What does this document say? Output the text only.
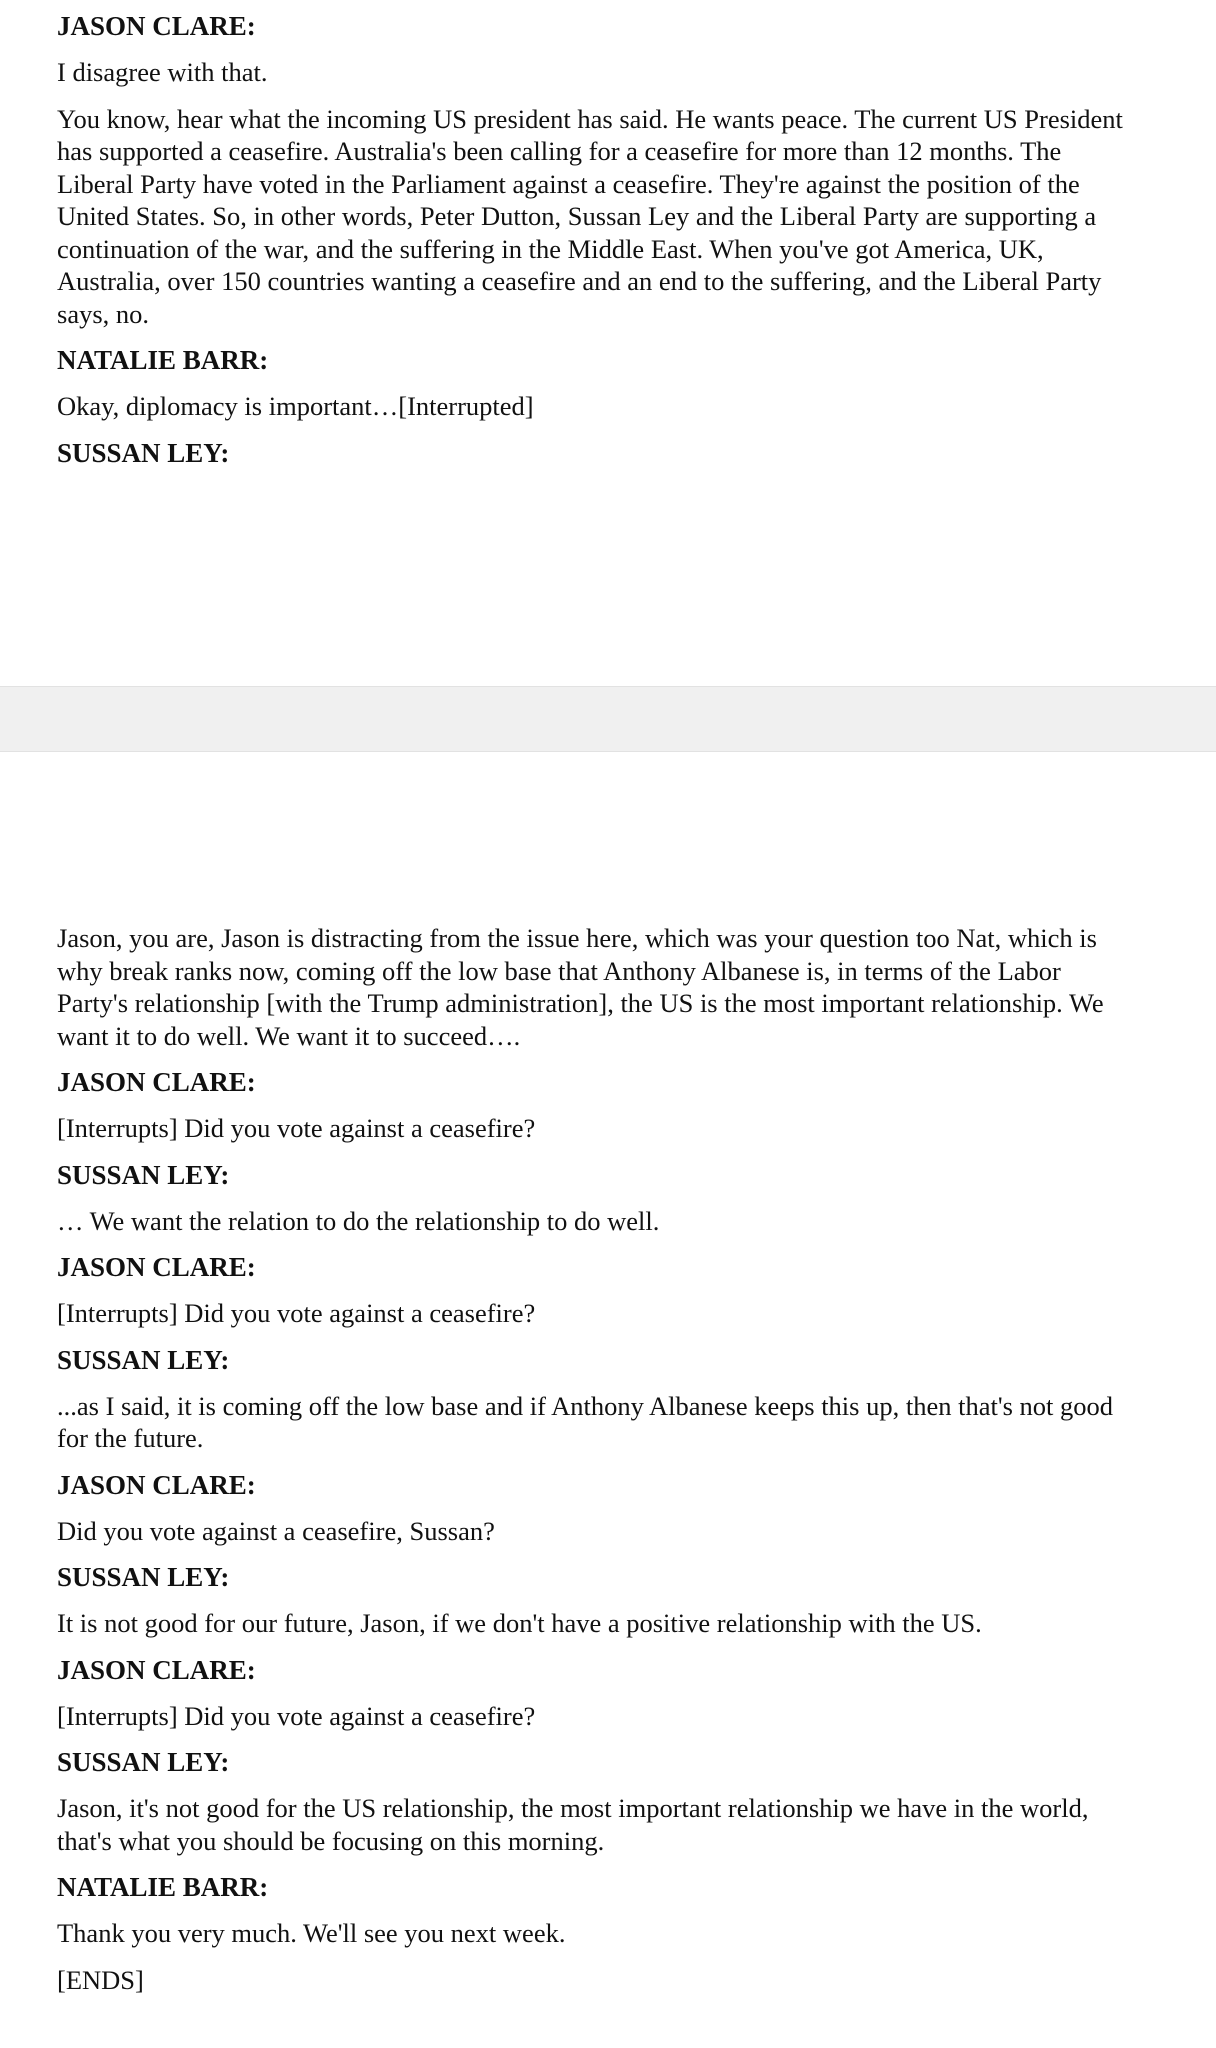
JASON CLARE:
I disagree with that.
You know, hear what the incoming US president has said. He wants peace. The current US President has supported a ceasefire. Australia's been calling for a ceasefire for more than 12 months. The Liberal Party have voted in the Parliament against a ceasefire. They're against the position of the United States. So, in other words, Peter Dutton, Sussan Ley and the Liberal Party are supporting a continuation of the war, and the suffering in the Middle East. When you've got America, UK, Australia, over 150 countries wanting a ceasefire and an end to the suffering, and the Liberal Party says, no.
NATALIE BARR:
Okay, diplomacy is important…[Interrupted]
SUSSAN LEY:
Jason, you are, Jason is distracting from the issue here, which was your question too Nat, which is why break ranks now, coming off the low base that Anthony Albanese is, in terms of the Labor Party's relationship [with the Trump administration], the US is the most important relationship. We want it to do well. We want it to succeed….
JASON CLARE:
[Interrupts] Did you vote against a ceasefire?
SUSSAN LEY:
… We want the relation to do the relationship to do well.
JASON CLARE:
[Interrupts] Did you vote against a ceasefire?
SUSSAN LEY:
...as I said, it is coming off the low base and if Anthony Albanese keeps this up, then that's not good for the future.
JASON CLARE:
Did you vote against a ceasefire, Sussan?
SUSSAN LEY:
It is not good for our future, Jason, if we don't have a positive relationship with the US.
JASON CLARE:
[Interrupts] Did you vote against a ceasefire?
SUSSAN LEY:
Jason, it's not good for the US relationship, the most important relationship we have in the world, that's what you should be focusing on this morning.
NATALIE BARR:
Thank you very much. We'll see you next week.
[ENDS]
